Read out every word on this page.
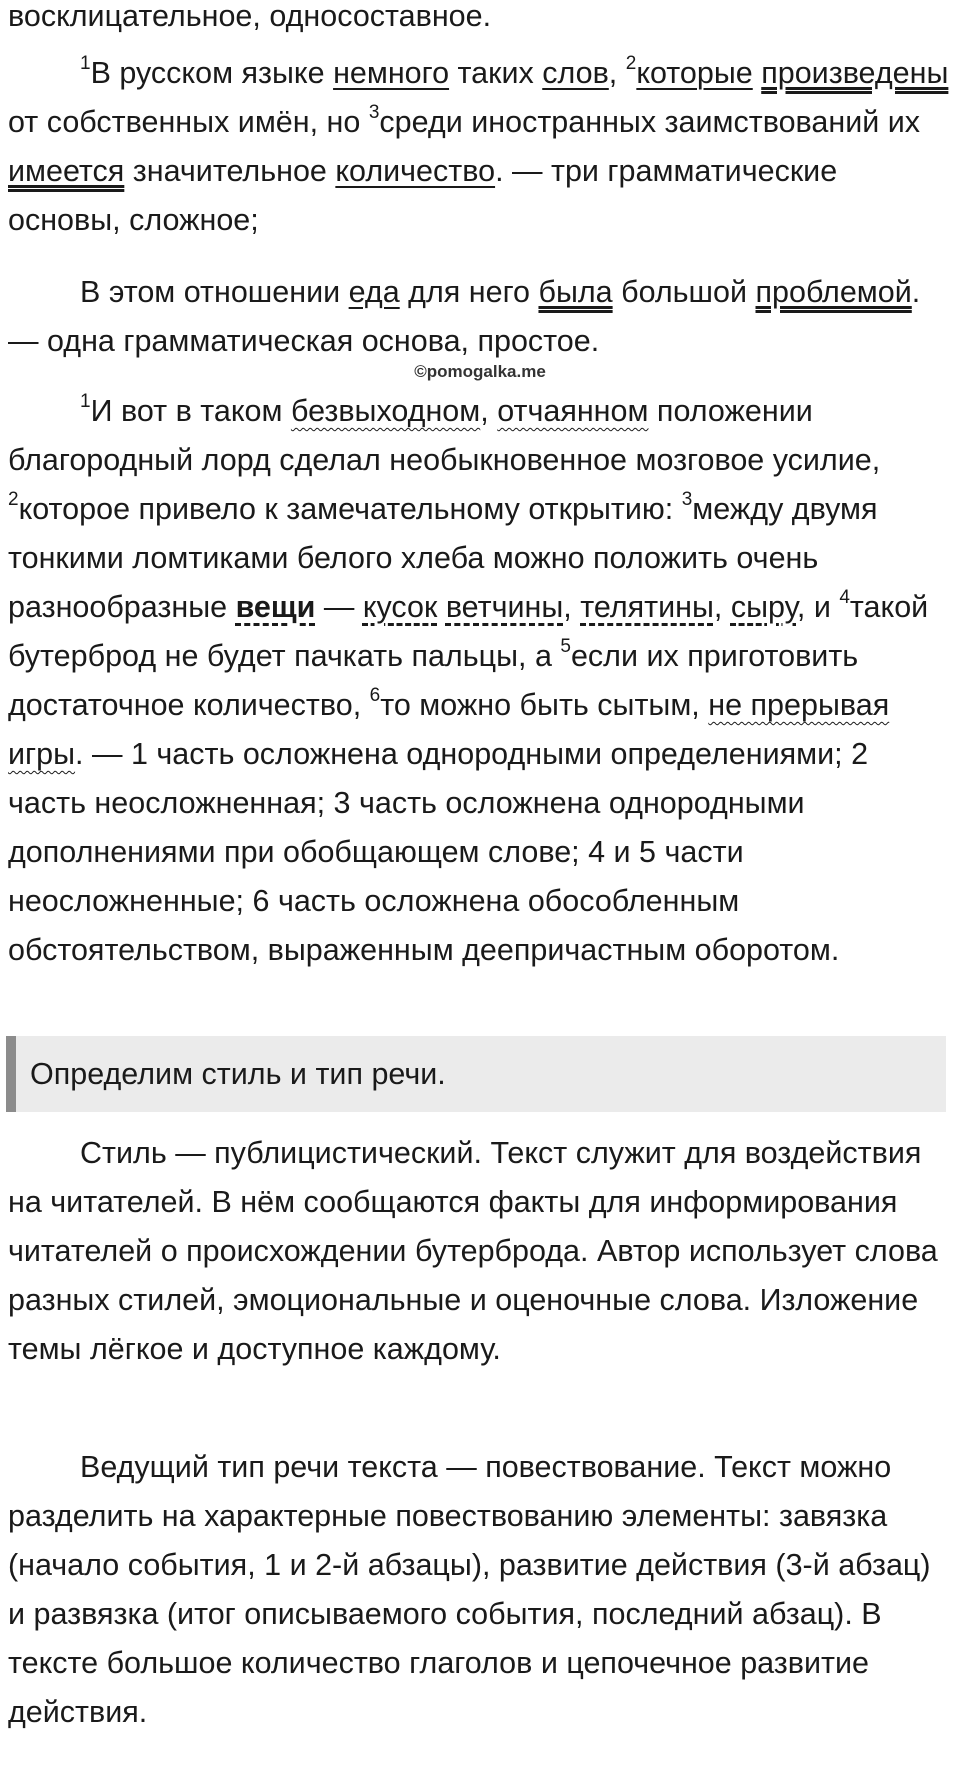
восклицательное, односоставное.

$^1$В русском языке немного таких слов, $^2$которые произведены от собственных имён, но $^3$среди иностранных заимствований их имеется значительное количество. — три грамматические основы, сложное;

В этом отношении еда для него была большой проблемой. — одна грамматическая основа, простое.

©pomogalka.me

$^1$И вот в таком безвыходном, отчаянном положении благородный лорд сделал необыкновенное мозговое усилие, $^2$которое привело к замечательному открытию: $^3$между двумя тонкими ломтиками белого хлеба можно положить очень разнообразные вещи — кусок ветчины, телятины, сыру, и $^4$такой бутерброд не будет пачкать пальцы, а $^5$если их приготовить достаточное количество, $^6$то можно быть сытым, не прерывая игры. — 1 часть осложнена однородными определениями; 2 часть неосложненная; 3 часть осложнена однородными дополнениями при обобщающем слове; 4 и 5 части неосложненные; 6 часть осложнена обособленным обстоятельством, выраженным деепричастным оборотом.

Определим стиль и тип речи.

Стиль — публицистический. Текст служит для воздействия на читателей. В нём сообщаются факты для информирования читателей о происхождении бутерброда. Автор использует слова разных стилей, эмоциональные и оценочные слова. Изложение темы лёгкое и доступное каждому.

Ведущий тип речи текста — повествование. Текст можно разделить на характерные повествованию элементы: завязка (начало события, 1 и 2-й абзацы), развитие действия (3-й абзац) и развязка (итог описываемого события, последний абзац). В тексте большое количество глаголов и цепочечное развитие действия.
